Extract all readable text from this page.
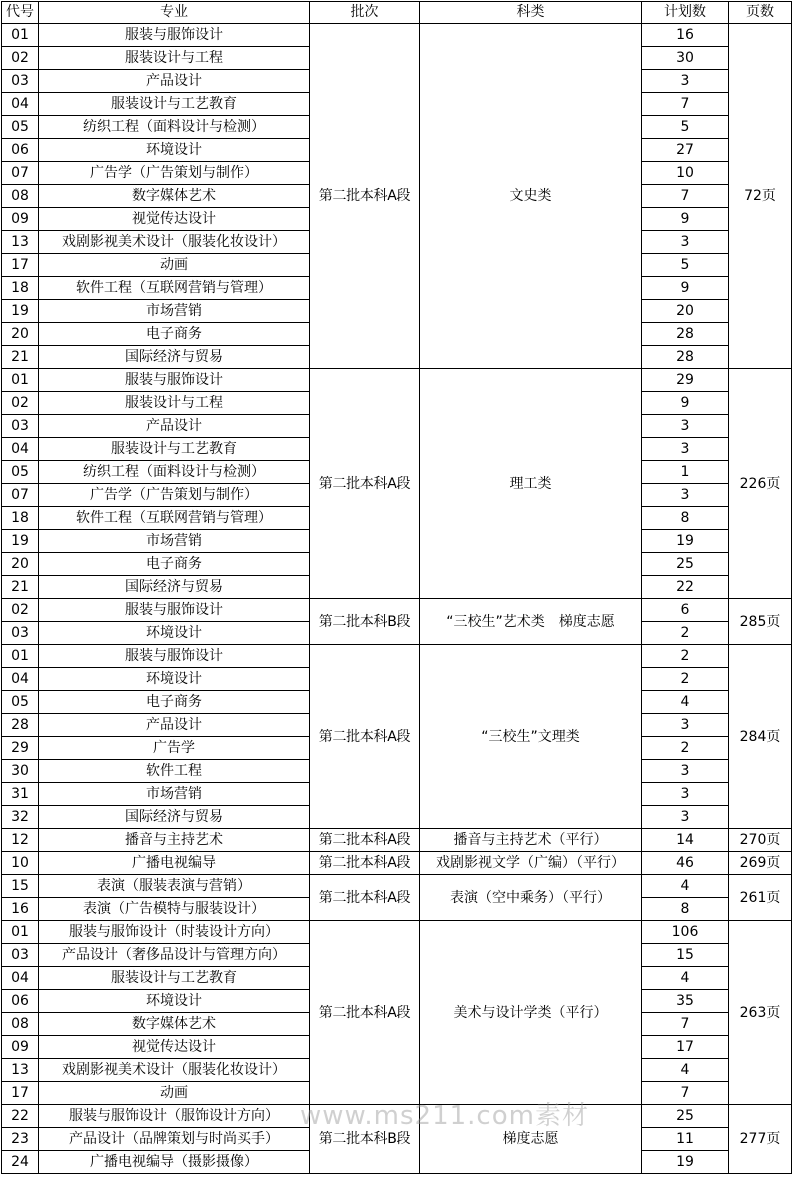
代号	专业	批次	科类	计划数	页数
01	服装与服饰设计	第二批本科A段	文史类	16	72页
02	服装设计与工程			30	
03	产品设计			3	
04	服装设计与工艺教育			7	
05	纺织工程（面料设计与检测）			5	
06	环境设计			27	
07	广告学（广告策划与制作）			10	
08	数字媒体艺术			7	
09	视觉传达设计			9	
13	戏剧影视美术设计（服装化妆设计）			3	
17	动画			5	
18	软件工程（互联网营销与管理）			9	
19	市场营销			20	
20	电子商务			28	
21	国际经济与贸易			28	
01	服装与服饰设计	第二批本科A段	理工类	29	226页
02	服装设计与工程			9	
03	产品设计			3	
04	服装设计与工艺教育			3	
05	纺织工程（面料设计与检测）			1	
07	广告学（广告策划与制作）			3	
18	软件工程（互联网营销与管理）			8	
19	市场营销			19	
20	电子商务			25	
21	国际经济与贸易			22	
02	服装与服饰设计	第二批本科B段	“三校生”艺术类　梯度志愿	6	285页
03	环境设计			2	
01	服装与服饰设计	第二批本科A段	“三校生”文理类	2	284页
04	环境设计			2	
05	电子商务			4	
28	产品设计			3	
29	广告学			2	
30	软件工程			3	
31	市场营销			3	
32	国际经济与贸易			3	
12	播音与主持艺术	第二批本科A段	播音与主持艺术（平行）	14	270页
10	广播电视编导	第二批本科A段	戏剧影视文学（广编）（平行）	46	269页
15	表演（服装表演与营销）	第二批本科A段	表演（空中乘务）（平行）	4	261页
16	表演（广告模特与服装设计）			8	
01	服装与服饰设计（时装设计方向）	第二批本科A段	美术与设计学类（平行）	106	263页
03	产品设计（奢侈品设计与管理方向）			15	
04	服装设计与工艺教育			4	
06	环境设计			35	
08	数字媒体艺术			7	
09	视觉传达设计			17	
13	戏剧影视美术设计（服装化妆设计）			4	
17	动画			7	
22	服装与服饰设计（服饰设计方向）	第二批本科B段	梯度志愿	25	277页
23	产品设计（品牌策划与时尚买手）			11	
24	广播电视编导（摄影摄像）			19	
www.ms211.com素材
